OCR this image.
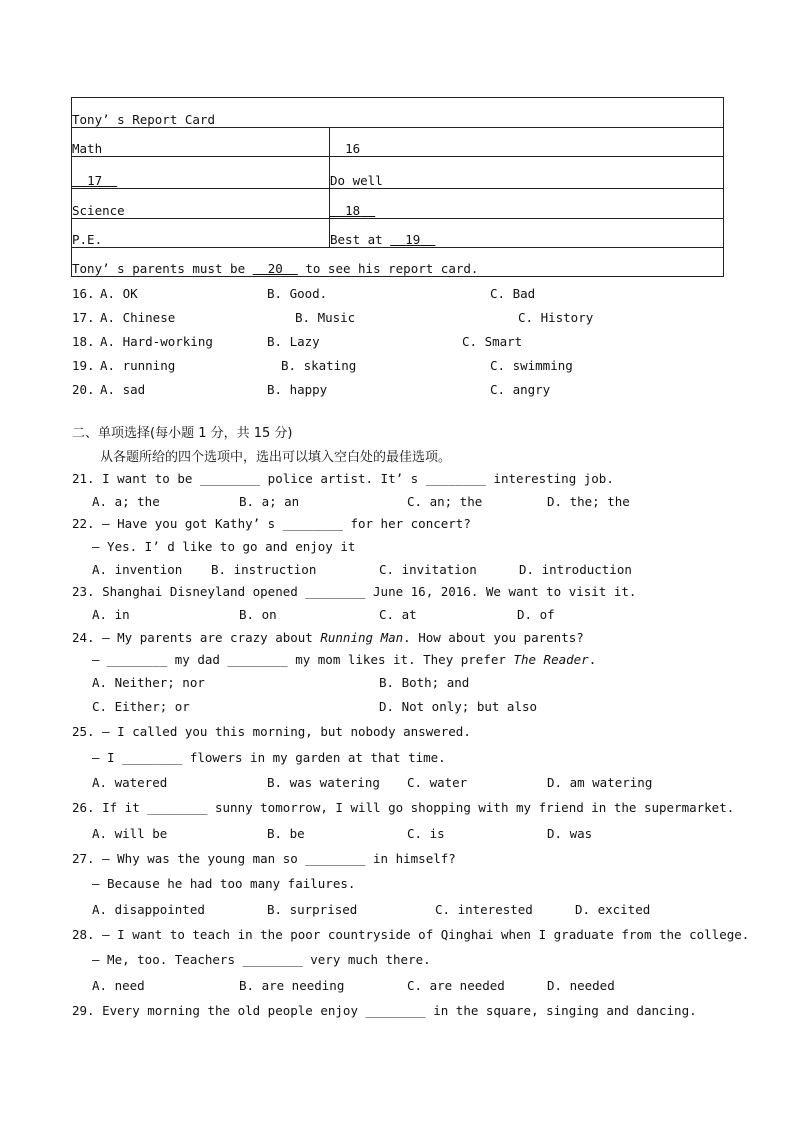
Tony’ s Report Card	
Math	16
17	Do well
Science	18
P.E.	Best at   19
Tony’ s parents must be   20   to see his report card.	
16. A. OK	B. Good.	C. Bad
17. A. Chinese	B. Music	C. History
18. A. Hard-working	B. Lazy	C. Smart
19. A. running	B. skating	C. swimming
20. A. sad	B. happy	C. angry
二、单项选择(每小题 1 分，共 15 分)
从各题所给的四个选项中，选出可以填入空白处的最佳选项。
21. I want to be ________ police artist. It’ s ________ interesting job.
A. a; the	B. a; an	C. an; the	D. the; the
22. — Have you got Kathy’ s ________ for her concert?
— Yes. I’ d like to go and enjoy it
A. invention B. instruction	C. invitation	D. introduction
23. Shanghai Disneyland opened ________ June 16, 2016. We want to visit it.
A. in	B. on	C. at	D. of
24. — My parents are crazy about Running Man. How about you parents?
— ________ my dad ________ my mom likes it. They prefer The Reader.
A. Neither; nor	B. Both; and
C. Either; or	D. Not only; but also
25. — I called you this morning, but nobody answered.
— I ________ flowers in my garden at that time.
A. watered	B. was watering C. water	D. am watering
26. If it ________ sunny tomorrow, I will go shopping with my friend in the supermarket.
A. will be	B. be	C. is	D. was
27. — Why was the young man so ________ in himself?
— Because he had too many failures.
A. disappointed	B. surprised	C. interested	D. excited
28. — I want to teach in the poor countryside of Qinghai when I graduate from the college.
— Me, too. Teachers ________ very much there.
A. need	B. are needing	C. are needed	D. needed
29. Every morning the old people enjoy ________ in the square, singing and dancing.
